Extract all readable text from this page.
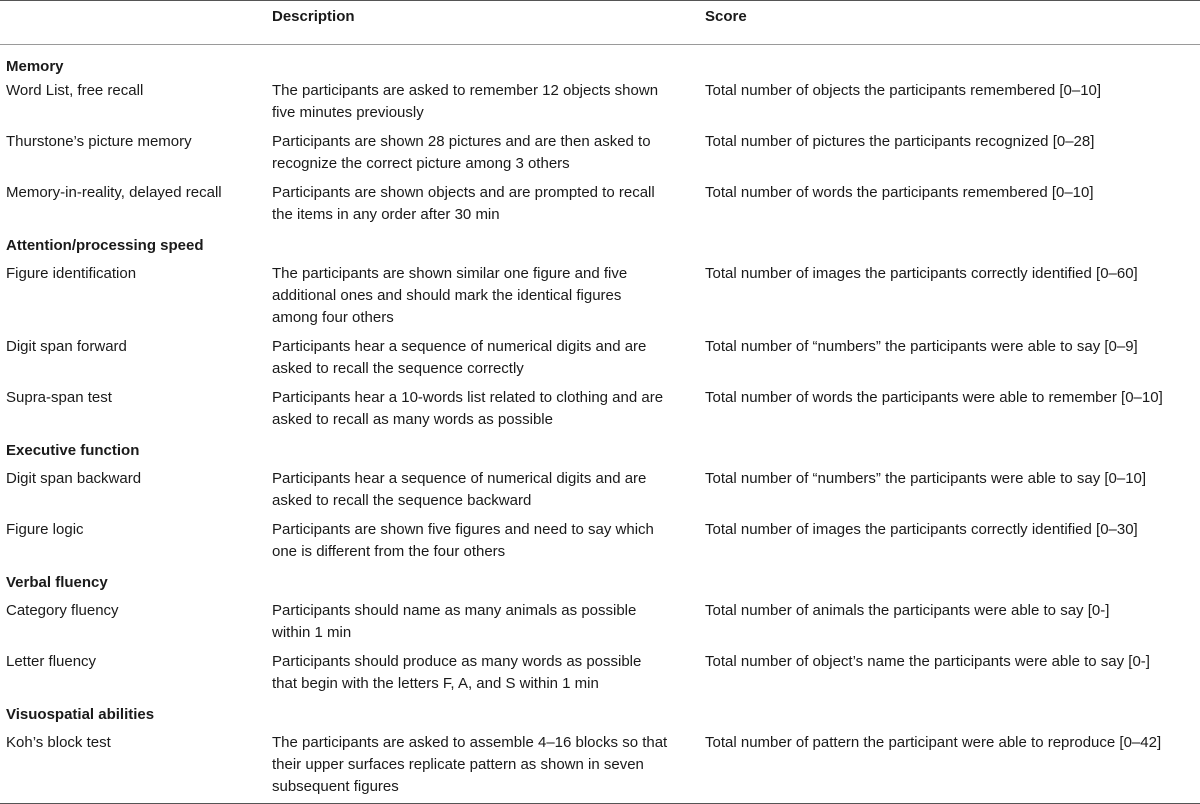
	Description	Score
Memory		
Word List, free recall	The participants are asked to remember 12 objects shown five minutes previously	Total number of objects the participants remembered [0–10]
Thurstone’s picture memory	Participants are shown 28 pictures and are then asked to recognize the correct picture among 3 others	Total number of pictures the participants recognized [0–28]
Memory-in-reality, delayed recall	Participants are shown objects and are prompted to recall the items in any order after 30 min	Total number of words the participants remembered [0–10]
Attention/processing speed		
Figure identification	The participants are shown similar one figure and five additional ones and should mark the identical figures among four others	Total number of images the participants correctly identified [0–60]
Digit span forward	Participants hear a sequence of numerical digits and are asked to recall the sequence correctly	Total number of “numbers” the participants were able to say [0–9]
Supra-span test	Participants hear a 10-words list related to clothing and are asked to recall as many words as possible	Total number of words the participants were able to remember [0–10]
Executive function		
Digit span backward	Participants hear a sequence of numerical digits and are asked to recall the sequence backward	Total number of “numbers” the participants were able to say [0–10]
Figure logic	Participants are shown five figures and need to say which one is different from the four others	Total number of images the participants correctly identified [0–30]
Verbal fluency		
Category fluency	Participants should name as many animals as possible within 1 min	Total number of animals the participants were able to say [0-]
Letter fluency	Participants should produce as many words as possible that begin with the letters F, A, and S within 1 min	Total number of object’s name the participants were able to say [0-]
Visuospatial abilities		
Koh’s block test	The participants are asked to assemble 4–16 blocks so that their upper surfaces replicate pattern as shown in seven subsequent figures	Total number of pattern the participant were able to reproduce [0–42]
